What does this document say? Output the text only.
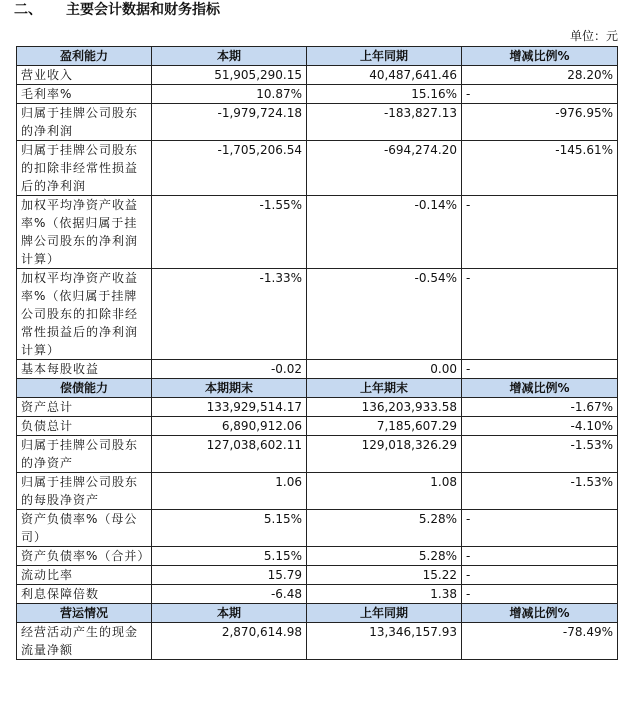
二、 主要会计数据和财务指标
单位：元
盈利能力	本期	上年同期	增减比例%
营业收入	51,905,290.15	40,487,641.46	28.20%
毛利率%	10.87%	15.16%	-
归属于挂牌公司股东的净利润	-1,979,724.18	-183,827.13	-976.95%
归属于挂牌公司股东的扣除非经常性损益后的净利润	-1,705,206.54	-694,274.20	-145.61%
加权平均净资产收益率%（依据归属于挂牌公司股东的净利润计算）	-1.55%	-0.14%	-
加权平均净资产收益率%（依归属于挂牌公司股东的扣除非经常性损益后的净利润计算）	-1.33%	-0.54%	-
基本每股收益	-0.02	0.00	-
偿债能力	本期期末	上年期末	增减比例%
资产总计	133,929,514.17	136,203,933.58	-1.67%
负债总计	6,890,912.06	7,185,607.29	-4.10%
归属于挂牌公司股东的净资产	127,038,602.11	129,018,326.29	-1.53%
归属于挂牌公司股东的每股净资产	1.06	1.08	-1.53%
资产负债率%（母公司）	5.15%	5.28%	-
资产负债率%（合并）	5.15%	5.28%	-
流动比率	15.79	15.22	-
利息保障倍数	-6.48	1.38	-
营运情况	本期	上年同期	增减比例%
经营活动产生的现金流量净额	2,870,614.98	13,346,157.93	-78.49%
